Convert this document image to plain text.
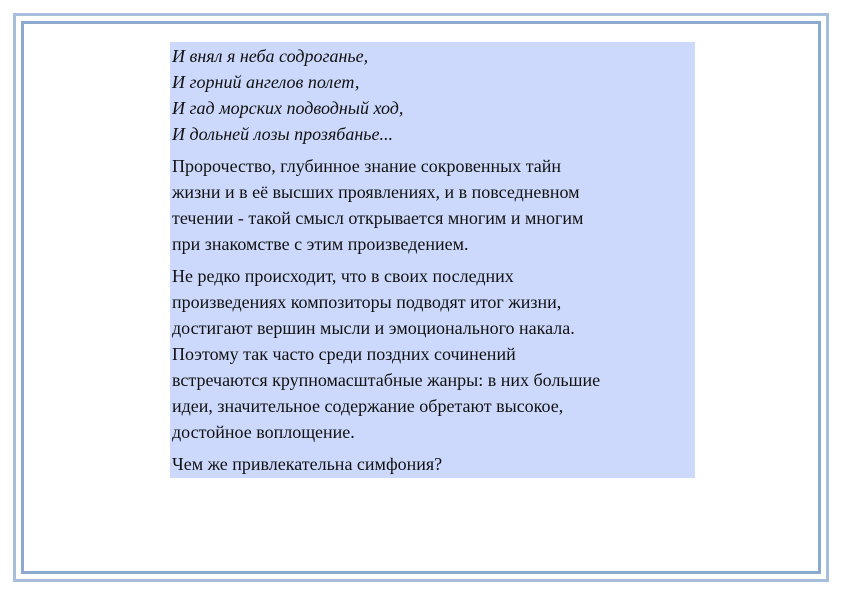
И внял я неба содроганье,
И горний ангелов полет,
И гад морских подводный ход,
И дольней лозы прозябанье...
Пророчество, глубинное знание сокровенных тайн
жизни и в её высших проявлениях, и в повседневном
течении - такой смысл открывается многим и многим
при знакомстве с этим произведением.
Не редко происходит, что в своих последних
произведениях композиторы подводят итог жизни,
достигают вершин мысли и эмоционального накала.
Поэтому так часто среди поздних сочинений
встречаются крупномасштабные жанры: в них большие
идеи, значительное содержание обретают высокое,
достойное воплощение.
Чем же привлекательна симфония?
